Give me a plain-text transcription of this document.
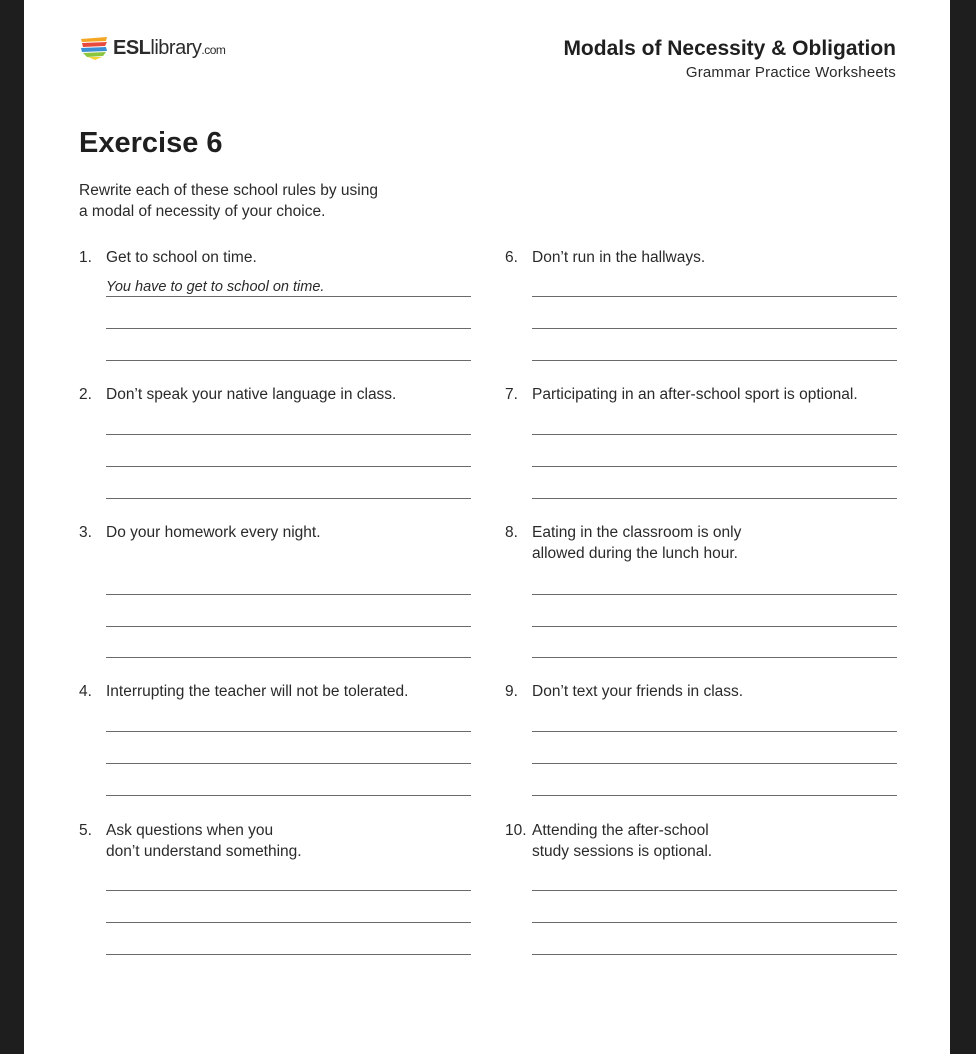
ESLlibrary.com	Modals of Necessity & Obligation
Grammar Practice Worksheets
Exercise 6
Rewrite each of these school rules by using
a modal of necessity of your choice.
1. Get to school on time.
2. Don’t speak your native language in class.
3. Do your homework every night.
4. Interrupting the teacher will not be tolerated.
5. Ask questions when you
don’t understand something.
6. Don’t run in the hallways.
7. Participating in an after-school sport is optional.
8. Eating in the classroom is only
allowed during the lunch hour.
9. Don’t text your friends in class.
10. Attending the after-school
study sessions is optional.
You have to get to school on time.
